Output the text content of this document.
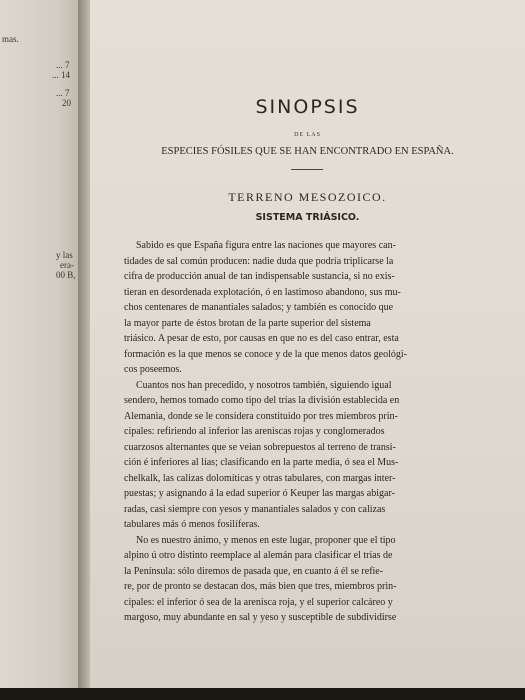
mas.
... 7
... 14
... 7
20
y las
era-
00 B,
SINOPSIS
DE LAS
ESPECIES FÓSILES QUE SE HAN ENCONTRADO EN ESPAÑA.
TERRENO MESOZOICO.
SISTEMA TRIÁSICO.

Sabido es que España figura entre las naciones que mayores can-
tidades de sal común producen: nadie duda que podría triplicarse la
cifra de producción anual de tan indispensable sustancia, si no exis-
tieran en desordenada explotación, ó en lastimoso abandono, sus mu-
chos centenares de manantiales salados; y también es conocido que
la mayor parte de éstos brotan de la parte superior del sistema
triásico. A pesar de esto, por causas en que no es del caso entrar, esta
formación es la que menos se conoce y de la que menos datos geológi-
cos poseemos.

Cuantos nos han precedido, y nosotros también, siguiendo igual
sendero, hemos tomado como tipo del trías la división establecida en
Alemania, donde se le considera constituido por tres miembros prin-
cipales: refiriendo al inferior las areniscas rojas y conglomerados
cuarzosos alternantes que se veian sobrepuestos al terreno de transi-
ción é inferiores al lías; clasificando en la parte media, ó sea el Mus-
chelkalk, las calizas dolomíticas y otras tabulares, con margas inter-
puestas; y asignando á la edad superior ó Keuper las margas abigar-
radas, casi siempre con yesos y manantiales salados y con calizas
tabulares más ó menos fosilíferas.

No es nuestro ánimo, y menos en este lugar, proponer que el tipo
alpino ú otro distinto reemplace al alemán para clasificar el trías de
la Península: sólo diremos de pasada que, en cuanto á él se refie-
re, por de pronto se destacan dos, más bien que tres, miembros prin-
cipales: el inferior ó sea de la arenisca roja, y el superior calcáreo y
margoso, muy abundante en sal y yeso y susceptible de subdividirse
